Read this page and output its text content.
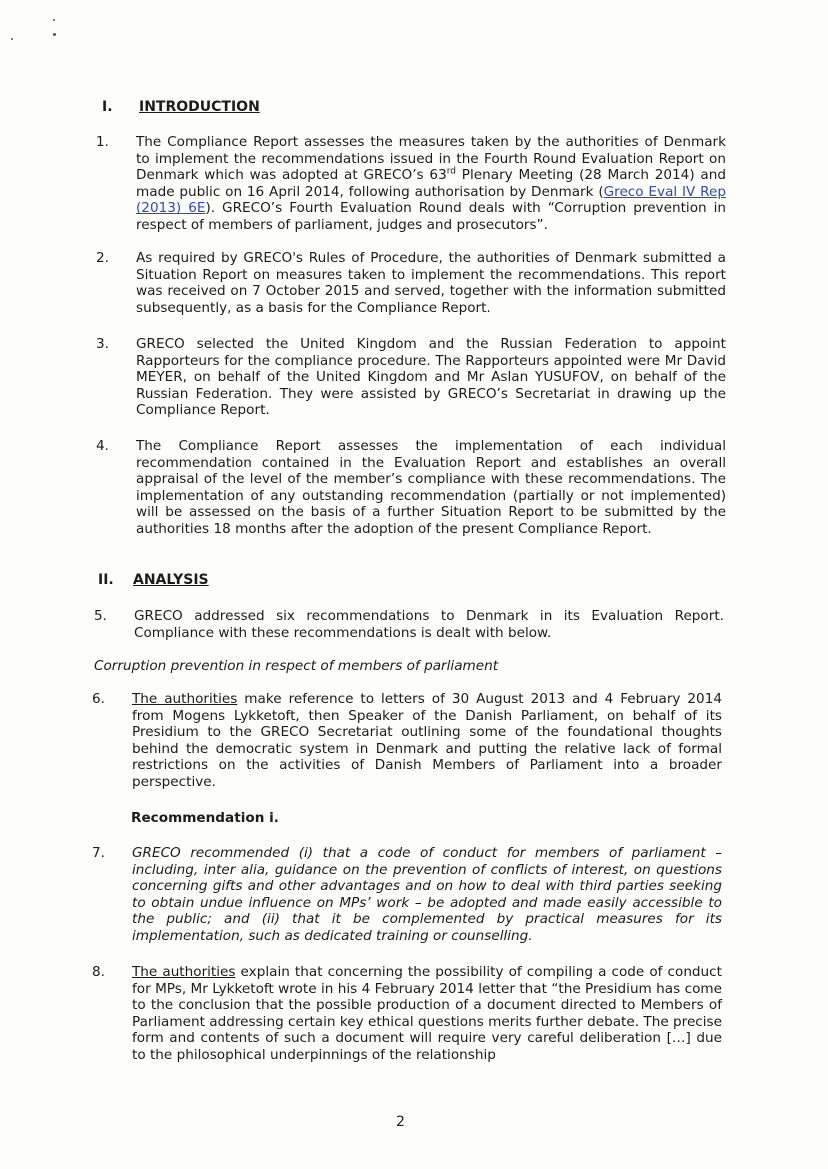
I. INTRODUCTION
1. The Compliance Report assesses the measures taken by the authorities of Denmark to implement the recommendations issued in the Fourth Round Evaluation Report on Denmark which was adopted at GRECO’s 63rd Plenary Meeting (28 March 2014) and made public on 16 April 2014, following authorisation by Denmark (Greco Eval IV Rep (2013) 6E). GRECO’s Fourth Evaluation Round deals with “Corruption prevention in respect of members of parliament, judges and prosecutors”.
2. As required by GRECO's Rules of Procedure, the authorities of Denmark submitted a Situation Report on measures taken to implement the recommendations. This report was received on 7 October 2015 and served, together with the information submitted subsequently, as a basis for the Compliance Report.
3. GRECO selected the United Kingdom and the Russian Federation to appoint Rapporteurs for the compliance procedure. The Rapporteurs appointed were Mr David MEYER, on behalf of the United Kingdom and Mr Aslan YUSUFOV, on behalf of the Russian Federation. They were assisted by GRECO’s Secretariat in drawing up the Compliance Report.
4. The Compliance Report assesses the implementation of each individual recommendation contained in the Evaluation Report and establishes an overall appraisal of the level of the member’s compliance with these recommendations. The implementation of any outstanding recommendation (partially or not implemented) will be assessed on the basis of a further Situation Report to be submitted by the authorities 18 months after the adoption of the present Compliance Report.
II. ANALYSIS
5. GRECO addressed six recommendations to Denmark in its Evaluation Report. Compliance with these recommendations is dealt with below.
Corruption prevention in respect of members of parliament
6. The authorities make reference to letters of 30 August 2013 and 4 February 2014 from Mogens Lykketoft, then Speaker of the Danish Parliament, on behalf of its Presidium to the GRECO Secretariat outlining some of the foundational thoughts behind the democratic system in Denmark and putting the relative lack of formal restrictions on the activities of Danish Members of Parliament into a broader perspective.
Recommendation i.
7. GRECO recommended (i) that a code of conduct for members of parliament – including, inter alia, guidance on the prevention of conflicts of interest, on questions concerning gifts and other advantages and on how to deal with third parties seeking to obtain undue influence on MPs’ work – be adopted and made easily accessible to the public; and (ii) that it be complemented by practical measures for its implementation, such as dedicated training or counselling.
8. The authorities explain that concerning the possibility of compiling a code of conduct for MPs, Mr Lykketoft wrote in his 4 February 2014 letter that “the Presidium has come to the conclusion that the possible production of a document directed to Members of Parliament addressing certain key ethical questions merits further debate. The precise form and contents of such a document will require very careful deliberation […] due to the philosophical underpinnings of the relationship
2
